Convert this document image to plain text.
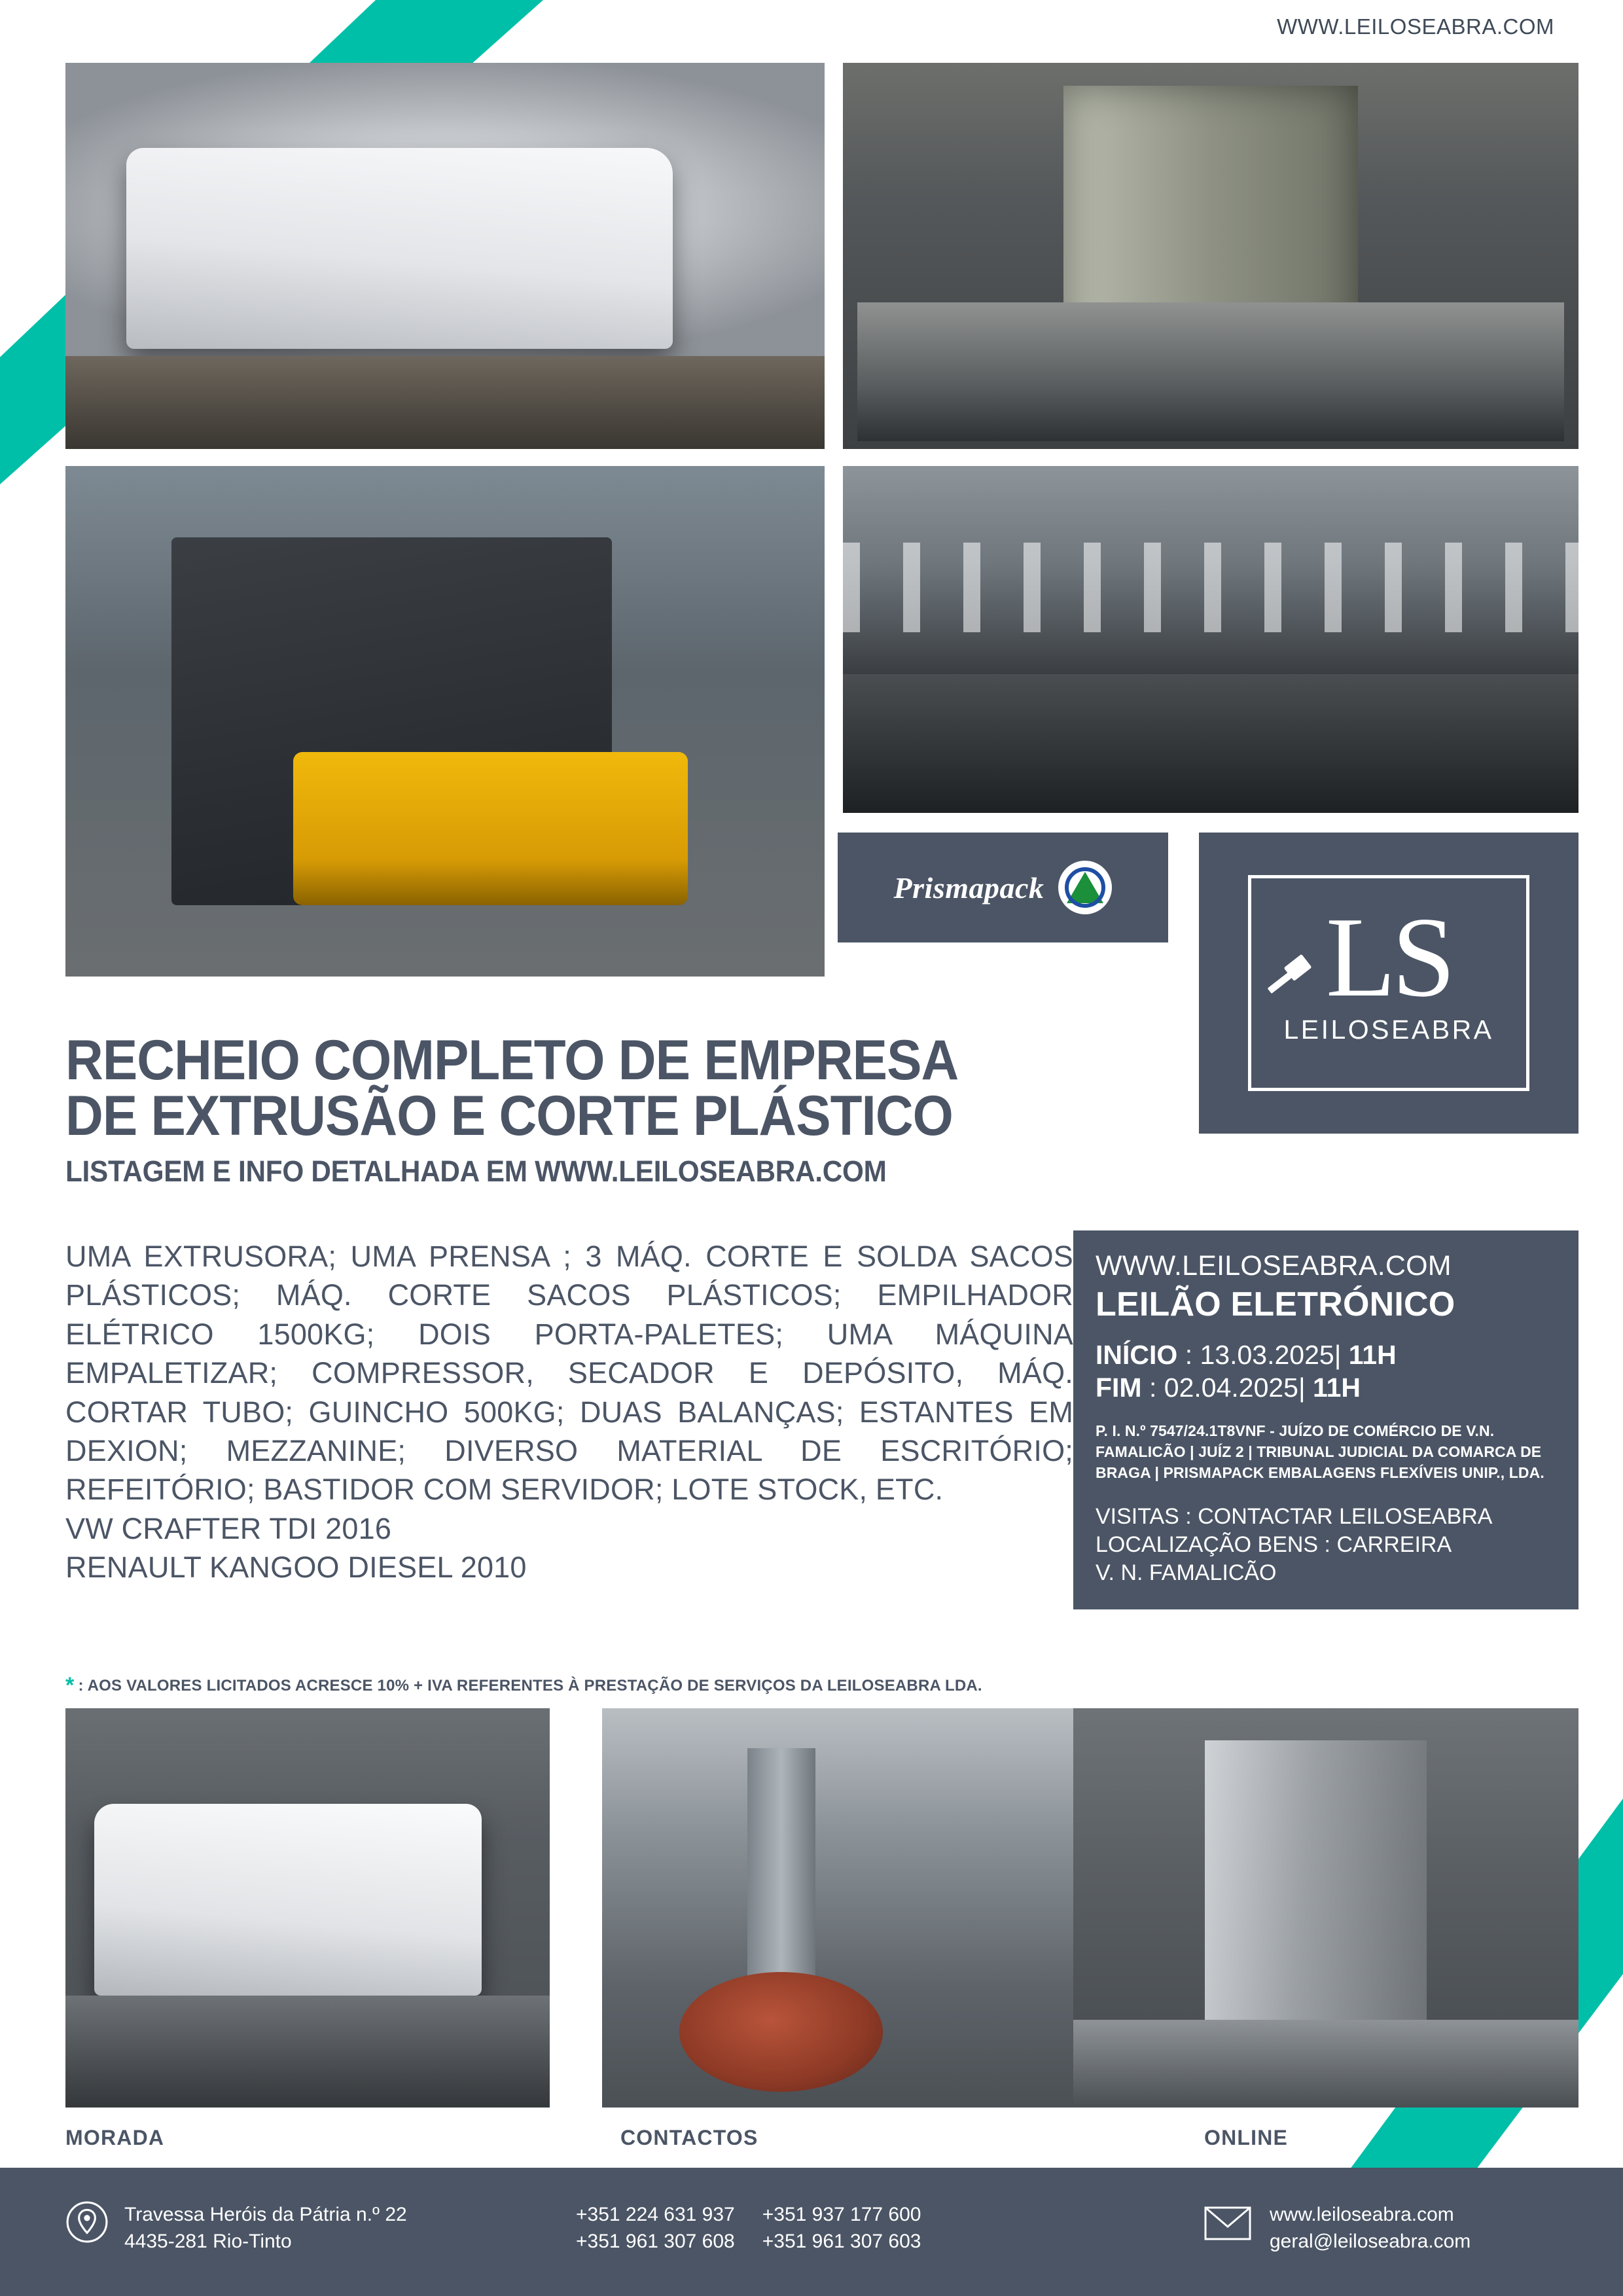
WWW.LEILOSEABRA.COM
Prismapack
LS
LEILOSEABRA
RECHEIO COMPLETO DE EMPRESA
DE EXTRUSÃO E CORTE PLÁSTICO
LISTAGEM E INFO DETALHADA EM WWW.LEILOSEABRA.COM
UMA EXTRUSORA; UMA PRENSA ; 3 MÁQ. CORTE E SOLDA SACOS PLÁSTICOS; MÁQ. CORTE SACOS PLÁSTICOS; EMPILHADOR ELÉTRICO 1500KG; DOIS PORTA-PALETES; UMA MÁQUINA EMPALETIZAR; COMPRESSOR, SECADOR E DEPÓSITO, MÁQ. CORTAR TUBO; GUINCHO 500KG; DUAS BALANÇAS; ESTANTES EM DEXION; MEZZANINE; DIVERSO MATERIAL DE ESCRITÓRIO; REFEITÓRIO; BASTIDOR COM SERVIDOR; LOTE STOCK, ETC.
VW CRAFTER TDI 2016
RENAULT KANGOO DIESEL 2010
* : AOS VALORES LICITADOS ACRESCE 10% + IVA REFERENTES À PRESTAÇÃO DE SERVIÇOS DA LEILOSEABRA LDA.
WWW.LEILOSEABRA.COM
LEILÃO ELETRÓNICO
INÍCIO : 13.03.2025| 11H
FIM : 02.04.2025| 11H
P. I. N.º 7547/24.1T8VNF - JUÍZO DE COMÉRCIO DE V.N. FAMALICÃO | JUÍZ 2 | TRIBUNAL JUDICIAL DA COMARCA DE BRAGA | PRISMAPACK EMBALAGENS FLEXÍVEIS UNIP., LDA.
VISITAS : CONTACTAR LEILOSEABRA
LOCALIZAÇÃO BENS : CARREIRA
V. N. FAMALICÃO
MORADA	CONTACTOS	ONLINE
Travessa Heróis da Pátria n.º 22
4435-281 Rio-Tinto
+351 224 631 937
+351 961 307 608
+351 937 177 600
+351 961 307 603
www.leiloseabra.com
geral@leiloseabra.com
